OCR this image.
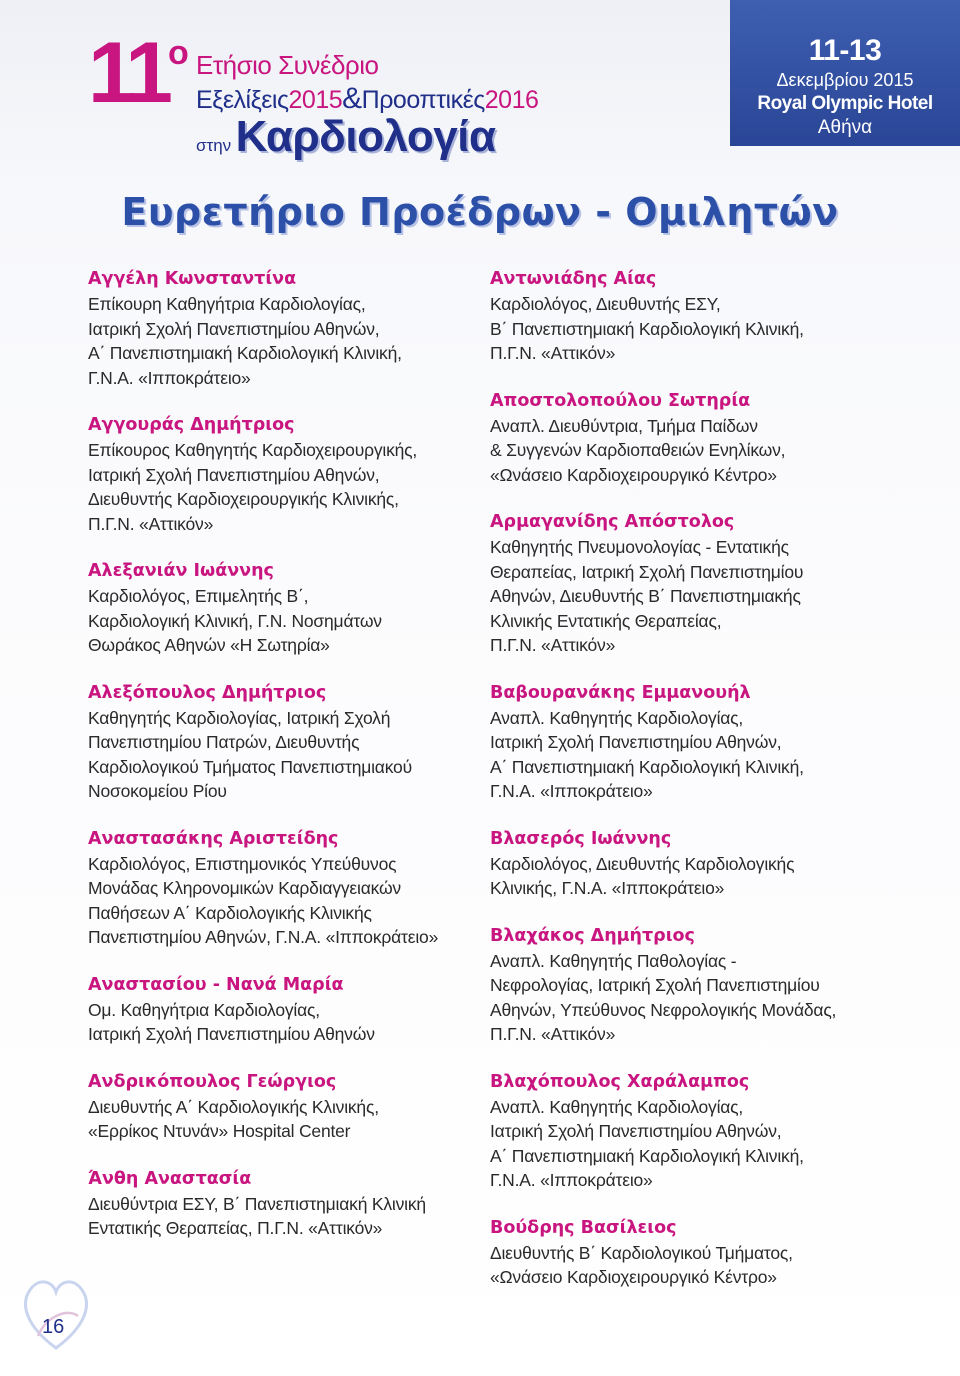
11 ο Ετήσιο Συνέδριο
Εξελίξεις2015&Προοπτικές2016
στην Καρδιολογία
11-13
Δεκεμβρίου 2015
Royal Olympic Hotel
Αθήνα
Ευρετήριο Προέδρων - Ομιλητών
Αγγέλη Κωνσταντίνα
Επίκουρη Καθηγήτρια Καρδιολογίας,
Ιατρική Σχολή Πανεπιστημίου Αθηνών,
Α΄ Πανεπιστημιακή Καρδιολογική Κλινική,
Γ.Ν.Α. «Ιπποκράτειο»
Αγγουράς Δημήτριος
Επίκουρος Καθηγητής Καρδιοχειρουργικής,
Ιατρική Σχολή Πανεπιστημίου Αθηνών,
Διευθυντής Καρδιοχειρουργικής Κλινικής,
Π.Γ.Ν. «Αττικόν»
Αλεξανιάν Ιωάννης
Καρδιολόγος, Επιμελητής Β΄,
Καρδιολογική Κλινική, Γ.Ν. Νοσημάτων
Θωράκος Αθηνών «Η Σωτηρία»
Αλεξόπουλος Δημήτριος
Καθηγητής Καρδιολογίας, Ιατρική Σχολή
Πανεπιστημίου Πατρών, Διευθυντής
Καρδιολογικού Τμήματος Πανεπιστημιακού
Νοσοκομείου Ρίου
Αναστασάκης Αριστείδης
Καρδιολόγος, Επιστημονικός Υπεύθυνος
Μονάδας Κληρονομικών Καρδιαγγειακών
Παθήσεων Α΄ Καρδιολογικής Κλινικής
Πανεπιστημίου Αθηνών, Γ.Ν.Α. «Ιπποκράτειο»
Αναστασίου - Νανά Μαρία
Ομ. Καθηγήτρια Καρδιολογίας,
Ιατρική Σχολή Πανεπιστημίου Αθηνών
Ανδρικόπουλος Γεώργιος
Διευθυντής Α΄ Καρδιολογικής Κλινικής,
«Ερρίκος Ντυνάν» Hospital Center
Άνθη Αναστασία
Διευθύντρια ΕΣΥ, Β΄ Πανεπιστημιακή Κλινική
Εντατικής Θεραπείας, Π.Γ.Ν. «Αττικόν»
Αντωνιάδης Αίας
Καρδιολόγος, Διευθυντής ΕΣΥ,
Β΄ Πανεπιστημιακή Καρδιολογική Κλινική,
Π.Γ.Ν. «Αττικόν»
Αποστολοπούλου Σωτηρία
Αναπλ. Διευθύντρια, Τμήμα Παίδων
& Συγγενών Καρδιοπαθειών Ενηλίκων,
«Ωνάσειο Καρδιοχειρουργικό Κέντρο»
Αρμαγανίδης Απόστολος
Καθηγητής Πνευμονολογίας - Εντατικής
Θεραπείας, Ιατρική Σχολή Πανεπιστημίου
Αθηνών, Διευθυντής Β΄ Πανεπιστημιακής
Κλινικής Εντατικής Θεραπείας,
Π.Γ.Ν. «Αττικόν»
Βαβουρανάκης Εμμανουήλ
Αναπλ. Καθηγητής Καρδιολογίας,
Ιατρική Σχολή Πανεπιστημίου Αθηνών,
Α΄ Πανεπιστημιακή Καρδιολογική Κλινική,
Γ.Ν.Α. «Ιπποκράτειο»
Βλασερός Ιωάννης
Καρδιολόγος, Διευθυντής Καρδιολογικής
Κλινικής, Γ.Ν.Α. «Ιπποκράτειο»
Βλαχάκος Δημήτριος
Αναπλ. Καθηγητής Παθολογίας -
Νεφρολογίας, Ιατρική Σχολή Πανεπιστημίου
Αθηνών, Υπεύθυνος Νεφρολογικής Μονάδας,
Π.Γ.Ν. «Αττικόν»
Βλαχόπουλος Χαράλαμπος
Αναπλ. Καθηγητής Καρδιολογίας,
Ιατρική Σχολή Πανεπιστημίου Αθηνών,
Α΄ Πανεπιστημιακή Καρδιολογική Κλινική,
Γ.Ν.Α. «Ιπποκράτειο»
Βούδρης Βασίλειος
Διευθυντής Β΄ Καρδιολογικού Τμήματος,
«Ωνάσειο Καρδιοχειρουργικό Κέντρο»
16
